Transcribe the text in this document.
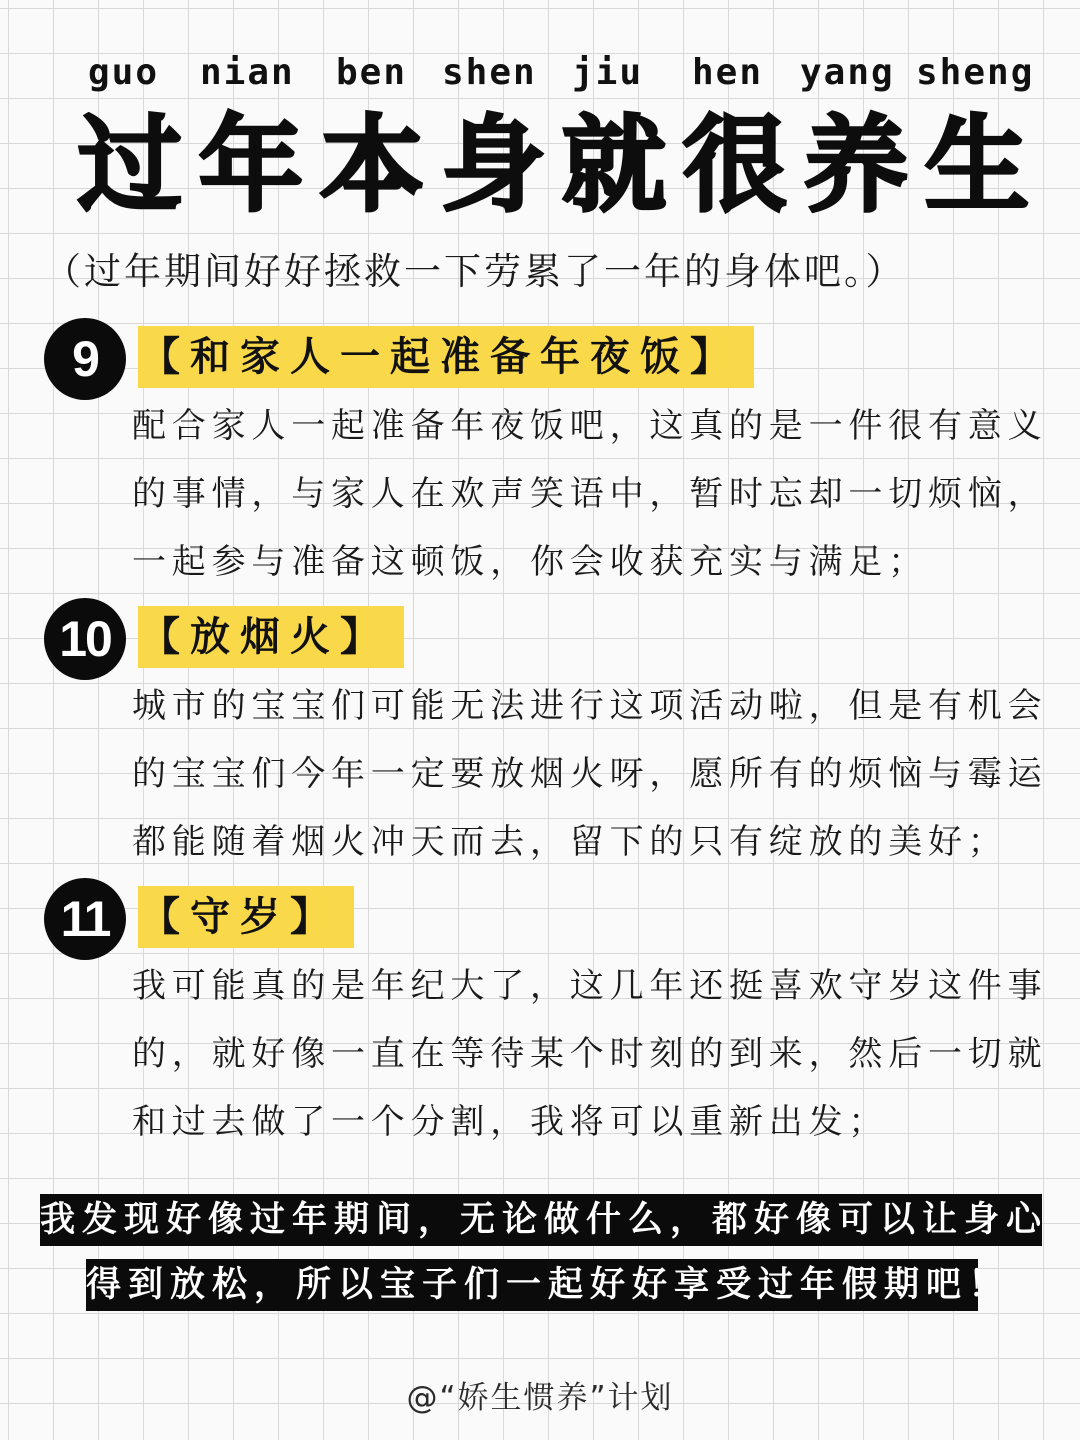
guo nian ben shen jiu hen yang sheng
过年本身就很养生
（过年期间好好拯救一下劳累了一年的身体吧。）
9	【和家人一起准备年夜饭】
配合家人一起准备年夜饭吧，这真的是一件很有意义
的事情，与家人在欢声笑语中，暂时忘却一切烦恼，
一起参与准备这顿饭，你会收获充实与满足；
10 【放烟火】
城市的宝宝们可能无法进行这项活动啦，但是有机会
的宝宝们今年一定要放烟火呀，愿所有的烦恼与霉运
都能随着烟火冲天而去，留下的只有绽放的美好；
11 【守岁】
我可能真的是年纪大了，这几年还挺喜欢守岁这件事
的，就好像一直在等待某个时刻的到来，然后一切就
和过去做了一个分割，我将可以重新出发；
我发现好像过年期间，无论做什么，都好像可以让身心
得到放松，所以宝子们一起好好享受过年假期吧！
@“娇生惯养”计划
